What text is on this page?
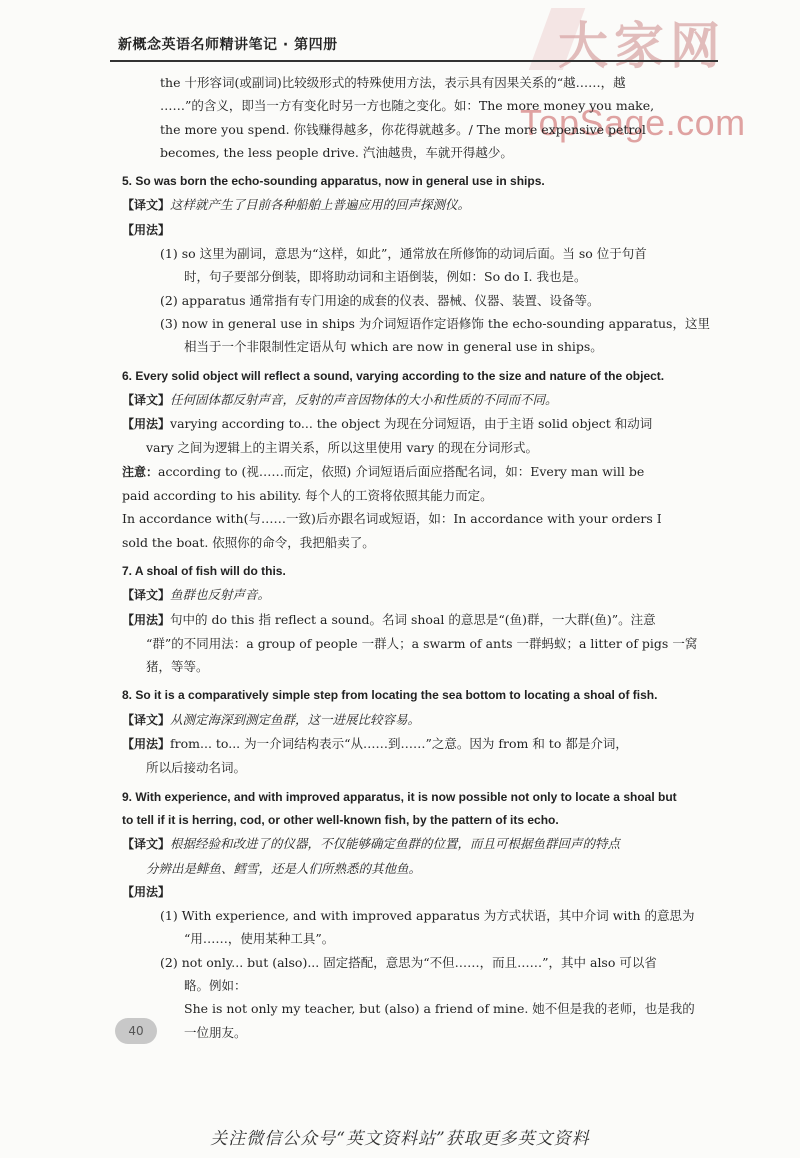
大家网
新概念英语名师精讲笔记 · 第四册
TopSage.com

the 十形容词(或副词)比较级形式的特殊使用方法，表示具有因果关系的“越……，越

……”的含义，即当一方有变化时另一方也随之变化。如：The more money you make,

the more you spend. 你钱赚得越多，你花得就越多。/ The more expensive petrol

becomes, the less people drive. 汽油越贵，车就开得越少。

5. So was born the echo-sounding apparatus, now in general use in ships.

【译文】这样就产生了目前各种船舶上普遍应用的回声探测仪。

【用法】

(1) so 这里为副词，意思为“这样，如此”，通常放在所修饰的动词后面。当 so 位于句首

时，句子要部分倒装，即将助动词和主语倒装，例如：So do I. 我也是。

(2) apparatus 通常指有专门用途的成套的仪表、器械、仪器、装置、设备等。

(3) now in general use in ships 为介词短语作定语修饰 the echo-sounding apparatus，这里

相当于一个非限制性定语从句 which are now in general use in ships。

6. Every solid object will reflect a sound, varying according to the size and nature of the object.

【译文】任何固体都反射声音，反射的声音因物体的大小和性质的不同而不同。

【用法】varying according to... the object 为现在分词短语，由于主语 solid object 和动词

vary 之间为逻辑上的主谓关系，所以这里使用 vary 的现在分词形式。

注意：according to (视……而定，依照) 介词短语后面应搭配名词，如：Every man will be

paid according to his ability. 每个人的工资将依照其能力而定。

In accordance with(与……一致)后亦跟名词或短语，如：In accordance with your orders I

sold the boat. 依照你的命令，我把船卖了。

7. A shoal of fish will do this.

【译文】鱼群也反射声音。

【用法】句中的 do this 指 reflect a sound。名词 shoal 的意思是“(鱼)群，一大群(鱼)”。注意

“群”的不同用法：a group of people 一群人；a swarm of ants 一群蚂蚁；a litter of pigs 一窝

猪，等等。

8. So it is a comparatively simple step from locating the sea bottom to locating a shoal of fish.

【译文】从测定海深到测定鱼群，这一进展比较容易。

【用法】from... to... 为一介词结构表示“从……到……”之意。因为 from 和 to 都是介词，

所以后接动名词。

9. With experience, and with improved apparatus, it is now possible not only to locate a shoal but

to tell if it is herring, cod, or other well-known fish, by the pattern of its echo.

【译文】根据经验和改进了的仪器，不仅能够确定鱼群的位置，而且可根据鱼群回声的特点

分辨出是鲱鱼、鳕雪，还是人们所熟悉的其他鱼。

【用法】

(1) With experience, and with improved apparatus 为方式状语，其中介词 with 的意思为

“用……，使用某种工具”。

(2) not only... but (also)... 固定搭配，意思为“不但……，而且……”，其中 also 可以省

略。例如：

She is not only my teacher, but (also) a friend of mine. 她不但是我的老师，也是我的

一位朋友。

40
关注微信公众号“英文资料站”获取更多英文资料
